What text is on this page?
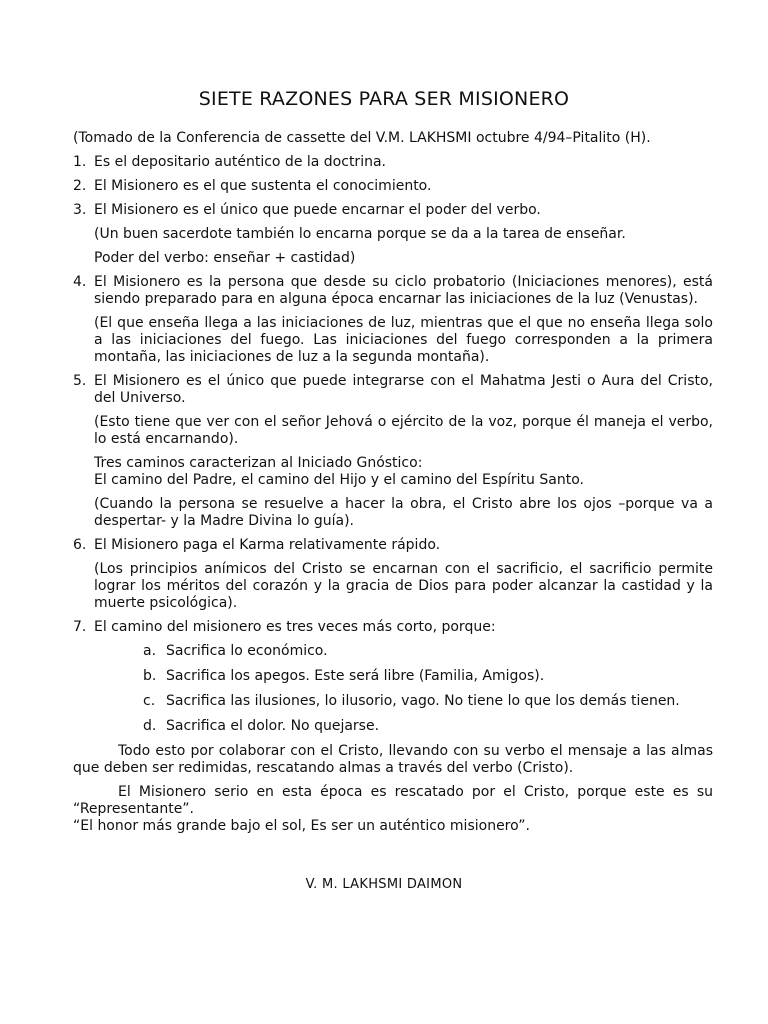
SIETE RAZONES PARA SER MISIONERO

(Tomado de la Conferencia de cassette del V.M. LAKHSMI octubre 4/94–Pitalito (H).

1. Es el depositario auténtico de la doctrina.
2. El Misionero es el que sustenta el conocimiento.
3. El Misionero es el único que puede encarnar el poder del verbo.

(Un buen sacerdote también lo encarna porque se da a la tarea de enseñar.

Poder del verbo: enseñar + castidad)

4. El Misionero es la persona que desde su ciclo probatorio (Iniciaciones menores), está siendo preparado para en alguna época encarnar las iniciaciones de la luz (Venustas).

(El que enseña llega a las iniciaciones de luz, mientras que el que no enseña llega solo a las iniciaciones del fuego. Las iniciaciones del fuego corresponden a la primera montaña, las iniciaciones de luz a la segunda montaña).

5. El Misionero es el único que puede integrarse con el Mahatma Jesti o Aura del Cristo, del Universo.

(Esto tiene que ver con el señor Jehová o ejército de la voz, porque él maneja el verbo, lo está encarnando).

Tres caminos caracterizan al Iniciado Gnóstico:

El camino del Padre, el camino del Hijo y el camino del Espíritu Santo.

(Cuando la persona se resuelve a hacer la obra, el Cristo abre los ojos –porque va a despertar- y la Madre Divina lo guía).

6. El Misionero paga el Karma relativamente rápido.

(Los principios anímicos del Cristo se encarnan con el sacrificio, el sacrificio permite lograr los méritos del corazón y la gracia de Dios para poder alcanzar la castidad y la muerte psicológica).

7. El camino del misionero es tres veces más corto, porque:
a. Sacrifica lo económico.
b. Sacrifica los apegos. Este será libre (Familia, Amigos).
c. Sacrifica las ilusiones, lo ilusorio, vago. No tiene lo que los demás tienen.
d. Sacrifica el dolor. No quejarse.

Todo esto por colaborar con el Cristo, llevando con su verbo el mensaje a las almas que deben ser redimidas, rescatando almas a través del verbo (Cristo).

El Misionero serio en esta época es rescatado por el Cristo, porque este es su “Representante”.

“El honor más grande bajo el sol, Es ser un auténtico misionero”.

V. M. LAKHSMI DAIMON
